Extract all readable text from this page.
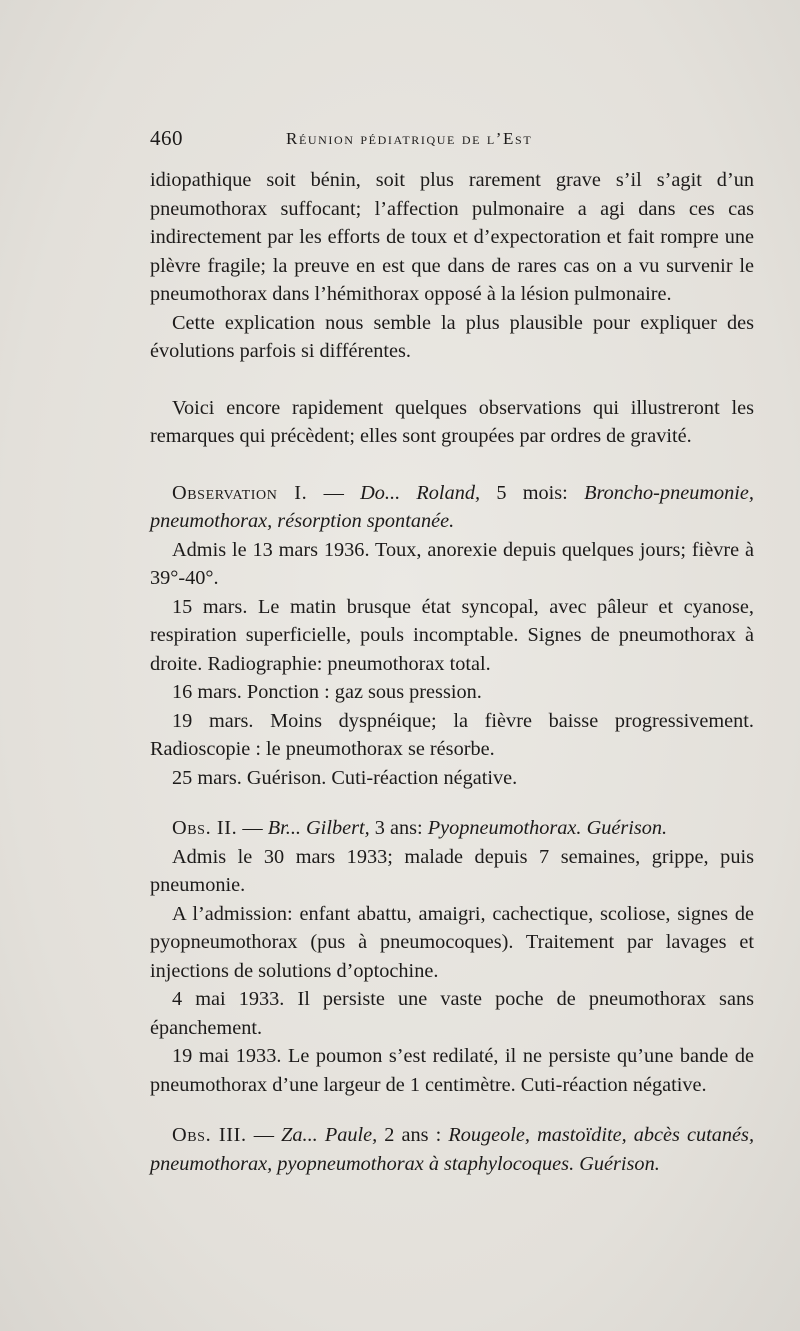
460	Réunion pédiatrique de l’Est

idiopathique soit bénin, soit plus rarement grave s’il s’agit d’un pneumothorax suffocant; l’affection pulmonaire a agi dans ces cas indirectement par les efforts de toux et d’expectoration et fait rompre une plèvre fragile; la preuve en est que dans de rares cas on a vu survenir le pneumothorax dans l’hémithorax opposé à la lésion pulmonaire.

Cette explication nous semble la plus plausible pour expliquer des évolutions parfois si différentes.

Voici encore rapidement quelques observations qui illustreront les remarques qui précèdent; elles sont groupées par ordres de gravité.

Observation I. — Do... Roland, 5 mois: Broncho-pneumonie, pneumothorax, résorption spontanée.

Admis le 13 mars 1936. Toux, anorexie depuis quelques jours; fièvre à 39°-40°.

15 mars. Le matin brusque état syncopal, avec pâleur et cyanose, respiration superficielle, pouls incomptable. Signes de pneumothorax à droite. Radiographie: pneumothorax total.

16 mars. Ponction : gaz sous pression.

19 mars. Moins dyspnéique; la fièvre baisse progressivement. Radioscopie : le pneumothorax se résorbe.

25 mars. Guérison. Cuti-réaction négative.

Obs. II. — Br... Gilbert, 3 ans: Pyopneumothorax. Guérison.

Admis le 30 mars 1933; malade depuis 7 semaines, grippe, puis pneumonie.

A l’admission: enfant abattu, amaigri, cachectique, scoliose, signes de pyopneumothorax (pus à pneumocoques). Traitement par lavages et injections de solutions d’optochine.

4 mai 1933. Il persiste une vaste poche de pneumothorax sans épanchement.

19 mai 1933. Le poumon s’est redilaté, il ne persiste qu’une bande de pneumothorax d’une largeur de 1 centimètre. Cuti-réaction négative.

Obs. III. — Za... Paule, 2 ans : Rougeole, mastoïdite, abcès cutanés, pneumothorax, pyopneumothorax à staphylocoques. Guérison.
